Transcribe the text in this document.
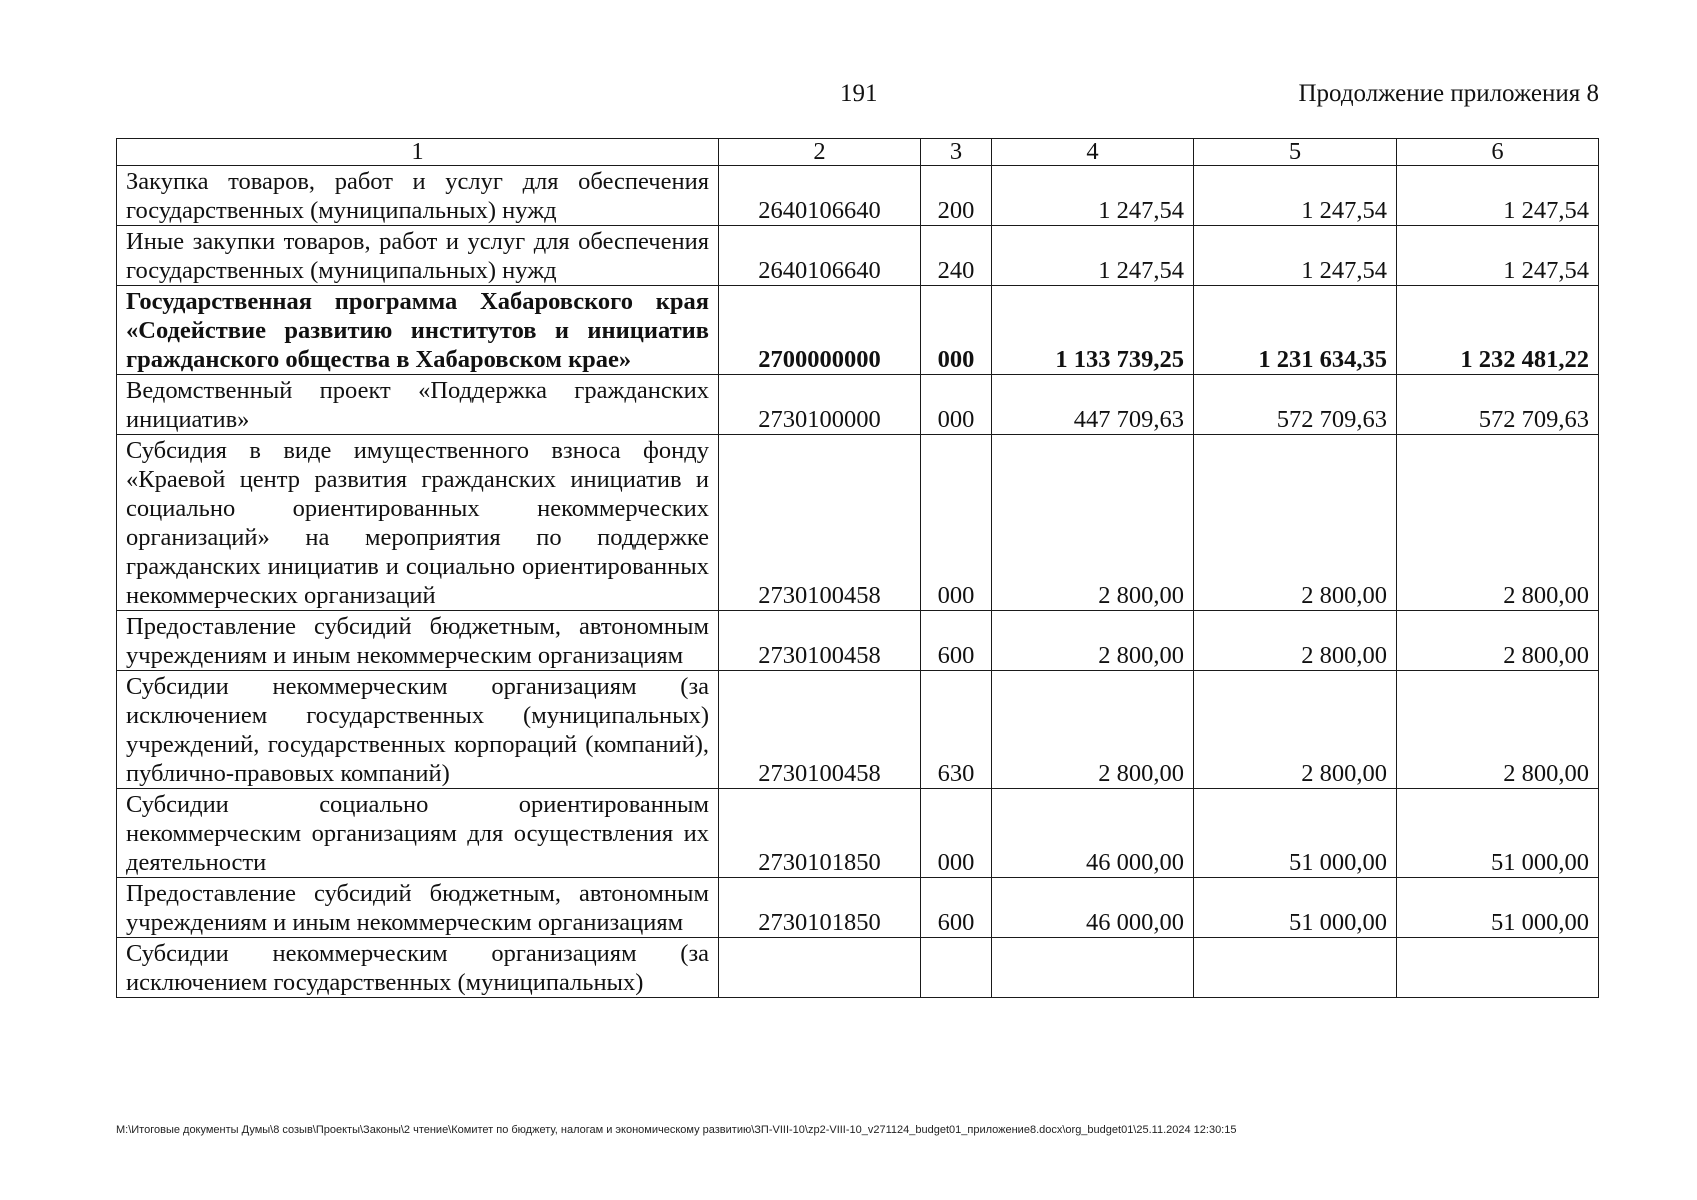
191	Продолжение приложения 8
1	2	3	4	5	6
Закупка товаров, работ и услуг для обеспечения государственных (муниципальных) нужд	2640106640	200	1 247,54	1 247,54	1 247,54
Иные закупки товаров, работ и услуг для обеспечения государственных (муниципальных) нужд	2640106640	240	1 247,54	1 247,54	1 247,54
Государственная программа Хабаровского края «Содействие развитию институтов и инициатив гражданского общества в Хабаровском крае»	2700000000	000	1 133 739,25	1 231 634,35	1 232 481,22
Ведомственный проект «Поддержка гражданских инициатив»	2730100000	000	447 709,63	572 709,63	572 709,63
Субсидия в виде имущественного взноса фонду «Краевой центр развития гражданских инициатив и социально ориентированных некоммерческих организаций» на мероприятия по поддержке гражданских инициатив и социально ориентированных некоммерческих организаций	2730100458	000	2 800,00	2 800,00	2 800,00
Предоставление субсидий бюджетным, автономным учреждениям и иным некоммерческим организациям	2730100458	600	2 800,00	2 800,00	2 800,00
Субсидии некоммерческим организациям (за исключением государственных (муниципальных) учреждений, государственных корпораций (компаний), публично-правовых компаний)	2730100458	630	2 800,00	2 800,00	2 800,00
Субсидии социально ориентированным некоммерческим организациям для осуществления их деятельности	2730101850	000	46 000,00	51 000,00	51 000,00
Предоставление субсидий бюджетным, автономным учреждениям и иным некоммерческим организациям	2730101850	600	46 000,00	51 000,00	51 000,00
Субсидии некоммерческим организациям (за исключением государственных (муниципальных)					
М:\Итоговые документы Думы\8 созыв\Проекты\Законы\2 чтение\Комитет по бюджету, налогам и экономическому развитию\ЗП-VIII-10\zp2-VIII-10_v271124_budget01_приложение8.docx\org_budget01\25.11.2024 12:30:15
